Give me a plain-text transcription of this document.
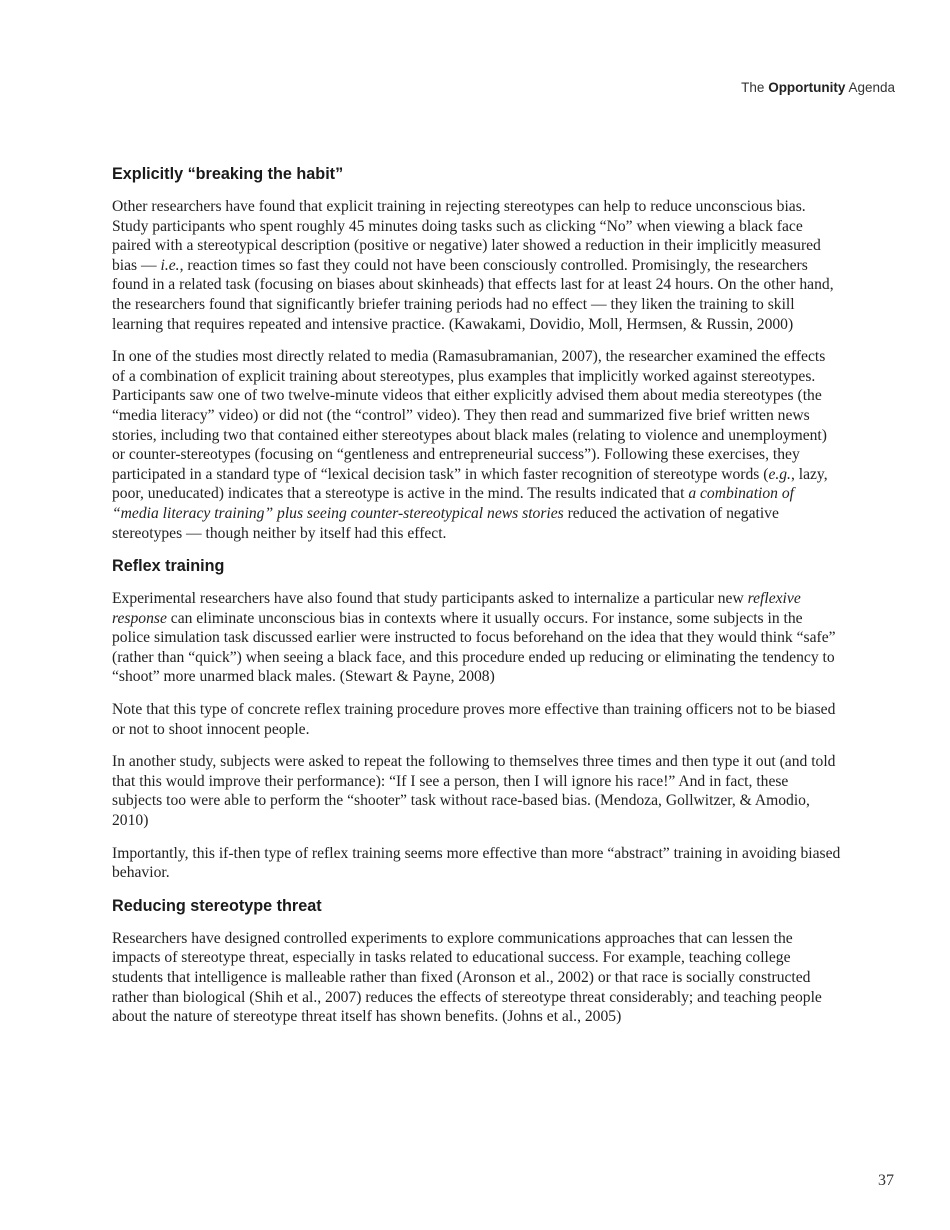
The Opportunity Agenda
Explicitly “breaking the habit”

Other researchers have found that explicit training in rejecting stereotypes can help to reduce unconscious bias. Study participants who spent roughly 45 minutes doing tasks such as clicking “No” when viewing a black face paired with a stereotypical description (positive or negative) later showed a reduction in their implicitly measured bias — i.e., reaction times so fast they could not have been consciously controlled. Promisingly, the researchers found in a related task (focusing on biases about skinheads) that effects last for at least 24 hours. On the other hand, the researchers found that significantly briefer training periods had no effect — they liken the training to skill learning that requires repeated and intensive practice. (Kawakami, Dovidio, Moll, Hermsen, & Russin, 2000)

In one of the studies most directly related to media (Ramasubramanian, 2007), the researcher examined the effects of a combination of explicit training about stereotypes, plus examples that implicitly worked against stereotypes. Participants saw one of two twelve-minute videos that either explicitly advised them about media stereotypes (the “media literacy” video) or did not (the “control” video). They then read and summarized five brief written news stories, including two that contained either stereotypes about black males (relating to violence and unemployment) or counter-stereotypes (focusing on “gentleness and entrepreneurial success”). Following these exercises, they participated in a standard type of “lexical decision task” in which faster recognition of stereotype words (e.g., lazy, poor, uneducated) indicates that a stereotype is active in the mind. The results indicated that a combination of “media literacy training” plus seeing counter-stereotypical news stories reduced the activation of negative stereotypes — though neither by itself had this effect.

Reflex training

Experimental researchers have also found that study participants asked to internalize a particular new reflexive response can eliminate unconscious bias in contexts where it usually occurs. For instance, some subjects in the police simulation task discussed earlier were instructed to focus beforehand on the idea that they would think “safe” (rather than “quick”) when seeing a black face, and this procedure ended up reducing or eliminating the tendency to “shoot” more unarmed black males. (Stewart & Payne, 2008)

Note that this type of concrete reflex training procedure proves more effective than training officers not to be biased or not to shoot innocent people.

In another study, subjects were asked to repeat the following to themselves three times and then type it out (and told that this would improve their performance): “If I see a person, then I will ignore his race!” And in fact, these subjects too were able to perform the “shooter” task without race-based bias. (Mendoza, Gollwitzer, & Amodio, 2010)

Importantly, this if-then type of reflex training seems more effective than more “abstract” training in avoiding biased behavior.

Reducing stereotype threat

Researchers have designed controlled experiments to explore communications approaches that can lessen the impacts of stereotype threat, especially in tasks related to educational success. For example, teaching college students that intelligence is malleable rather than fixed (Aronson et al., 2002) or that race is socially constructed rather than biological (Shih et al., 2007) reduces the effects of stereotype threat considerably; and teaching people about the nature of stereotype threat itself has shown benefits. (Johns et al., 2005)

37
